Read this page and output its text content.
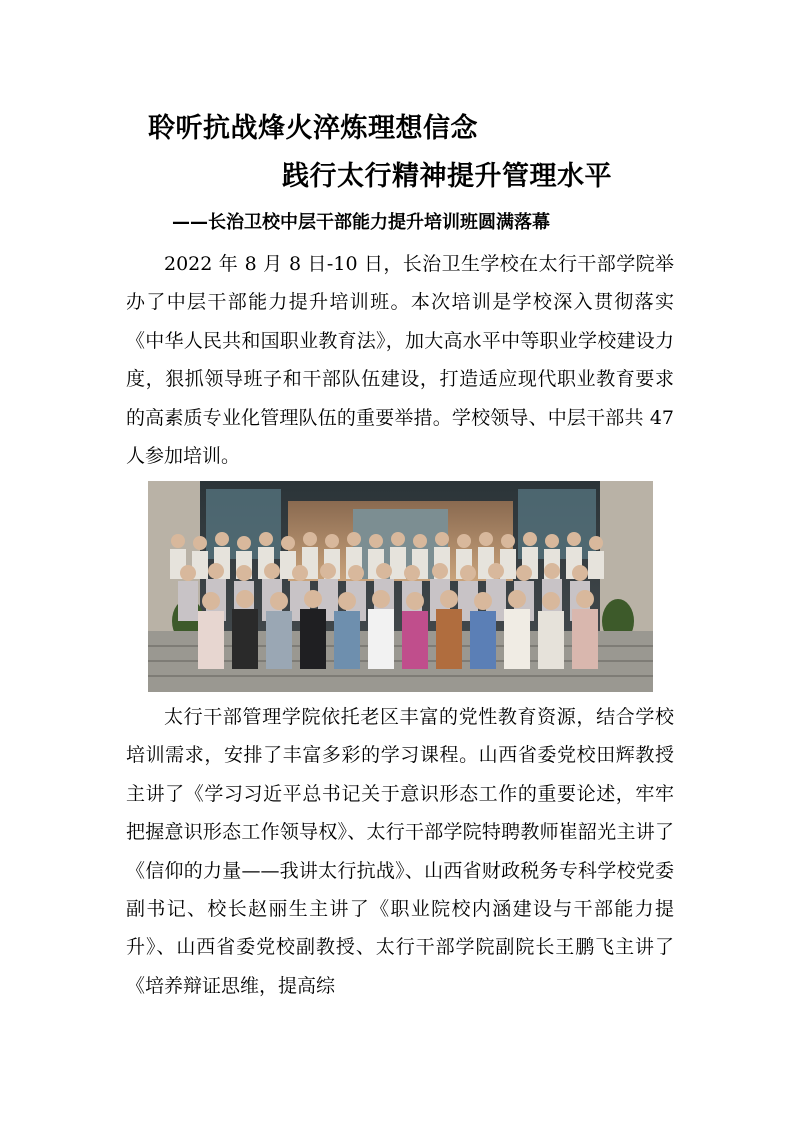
聆听抗战烽火淬炼理想信念
践行太行精神提升管理水平
——长治卫校中层干部能力提升培训班圆满落幕

2022 年 8 月 8 日-10 日，长治卫生学校在太行干部学院举办了中层干部能力提升培训班。本次培训是学校深入贯彻落实《中华人民共和国职业教育法》，加大高水平中等职业学校建设力度，狠抓领导班子和干部队伍建设，打造适应现代职业教育要求的高素质专业化管理队伍的重要举措。学校领导、中层干部共 47 人参加培训。

太行干部管理学院依托老区丰富的党性教育资源，结合学校培训需求，安排了丰富多彩的学习课程。山西省委党校田辉教授主讲了《学习习近平总书记关于意识形态工作的重要论述，牢牢把握意识形态工作领导权》、太行干部学院特聘教师崔韶光主讲了《信仰的力量——我讲太行抗战》、山西省财政税务专科学校党委副书记、校长赵丽生主讲了《职业院校内涵建设与干部能力提升》、山西省委党校副教授、太行干部学院副院长王鹏飞主讲了《培养辩证思维，提高综
